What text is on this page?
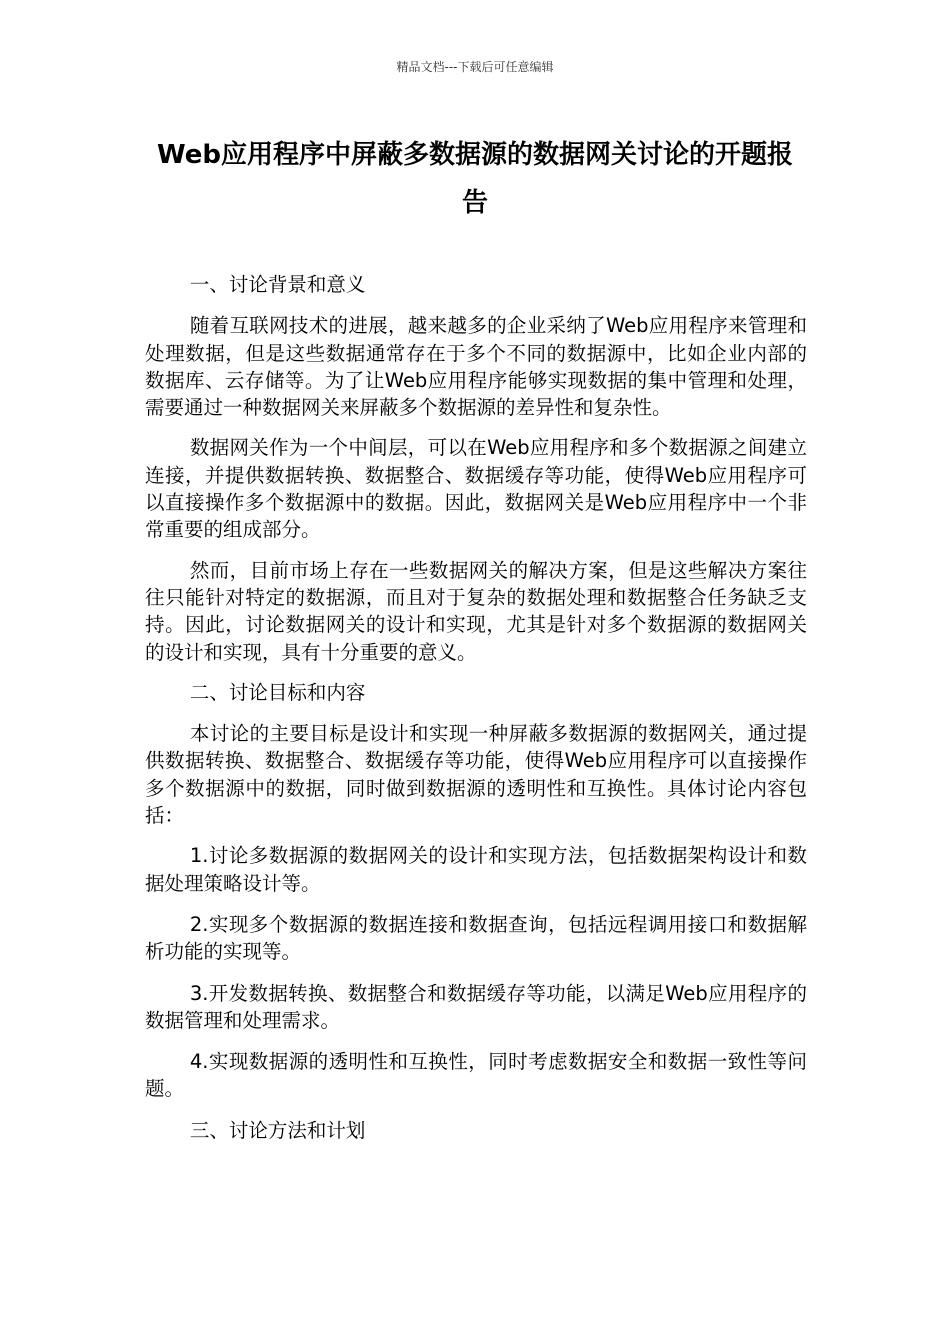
精品文档---下载后可任意编辑
Web应用程序中屏蔽多数据源的数据网关讨论的开题报告

一、讨论背景和意义

随着互联网技术的进展，越来越多的企业采纳了Web应用程序来管理和处理数据，但是这些数据通常存在于多个不同的数据源中，比如企业内部的数据库、云存储等。为了让Web应用程序能够实现数据的集中管理和处理，需要通过一种数据网关来屏蔽多个数据源的差异性和复杂性。

数据网关作为一个中间层，可以在Web应用程序和多个数据源之间建立连接，并提供数据转换、数据整合、数据缓存等功能，使得Web应用程序可以直接操作多个数据源中的数据。因此，数据网关是Web应用程序中一个非常重要的组成部分。

然而，目前市场上存在一些数据网关的解决方案，但是这些解决方案往往只能针对特定的数据源，而且对于复杂的数据处理和数据整合任务缺乏支持。因此，讨论数据网关的设计和实现，尤其是针对多个数据源的数据网关的设计和实现，具有十分重要的意义。

二、讨论目标和内容

本讨论的主要目标是设计和实现一种屏蔽多数据源的数据网关，通过提供数据转换、数据整合、数据缓存等功能，使得Web应用程序可以直接操作多个数据源中的数据，同时做到数据源的透明性和互换性。具体讨论内容包括：

1.讨论多数据源的数据网关的设计和实现方法，包括数据架构设计和数据处理策略设计等。

2.实现多个数据源的数据连接和数据查询，包括远程调用接口和数据解析功能的实现等。

3.开发数据转换、数据整合和数据缓存等功能，以满足Web应用程序的数据管理和处理需求。

4.实现数据源的透明性和互换性，同时考虑数据安全和数据一致性等问题。

三、讨论方法和计划
